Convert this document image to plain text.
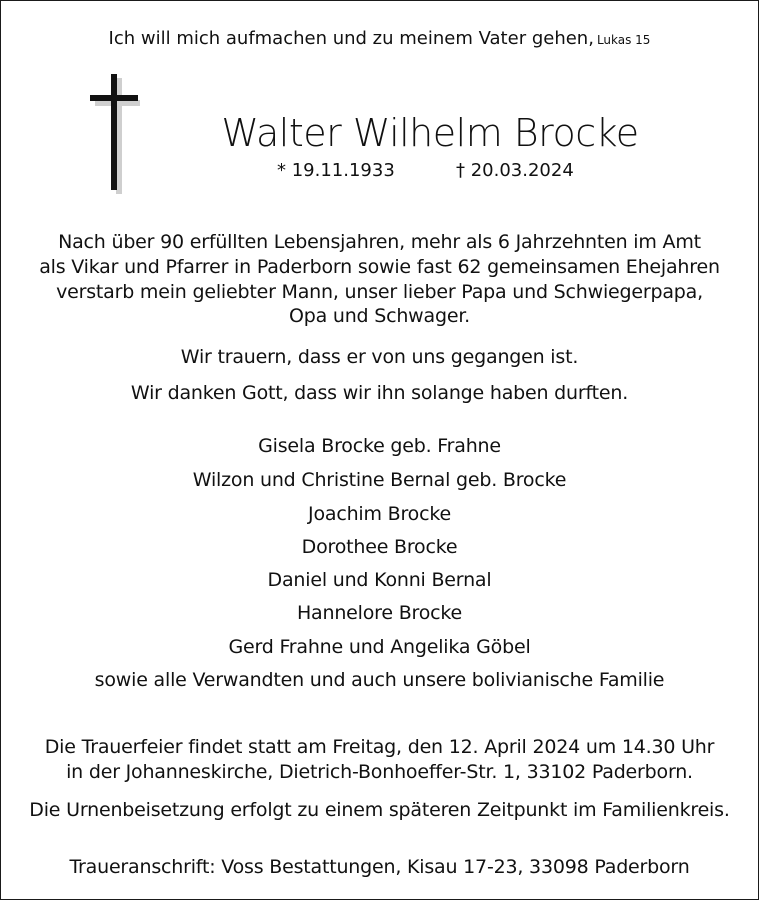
Ich will mich aufmachen und zu meinem Vater gehen, Lukas 15
Walter Wilhelm Brocke
* 19.11.1933	† 20.03.2024
Nach über 90 erfüllten Lebensjahren, mehr als 6 Jahrzehnten im Amt
als Vikar und Pfarrer in Paderborn sowie fast 62 gemeinsamen Ehejahren
verstarb mein geliebter Mann, unser lieber Papa und Schwiegerpapa,
Opa und Schwager.
Wir trauern, dass er von uns gegangen ist.
Wir danken Gott, dass wir ihn solange haben durften.
Gisela Brocke geb. Frahne
Wilzon und Christine Bernal geb. Brocke
Joachim Brocke
Dorothee Brocke
Daniel und Konni Bernal
Hannelore Brocke
Gerd Frahne und Angelika Göbel
sowie alle Verwandten und auch unsere bolivianische Familie
Die Trauerfeier findet statt am Freitag, den 12. April 2024 um 14.30 Uhr
in der Johanneskirche, Dietrich-Bonhoeffer-Str. 1, 33102 Paderborn.
Die Urnenbeisetzung erfolgt zu einem späteren Zeitpunkt im Familienkreis.
Traueranschrift: Voss Bestattungen, Kisau 17-23, 33098 Paderborn
